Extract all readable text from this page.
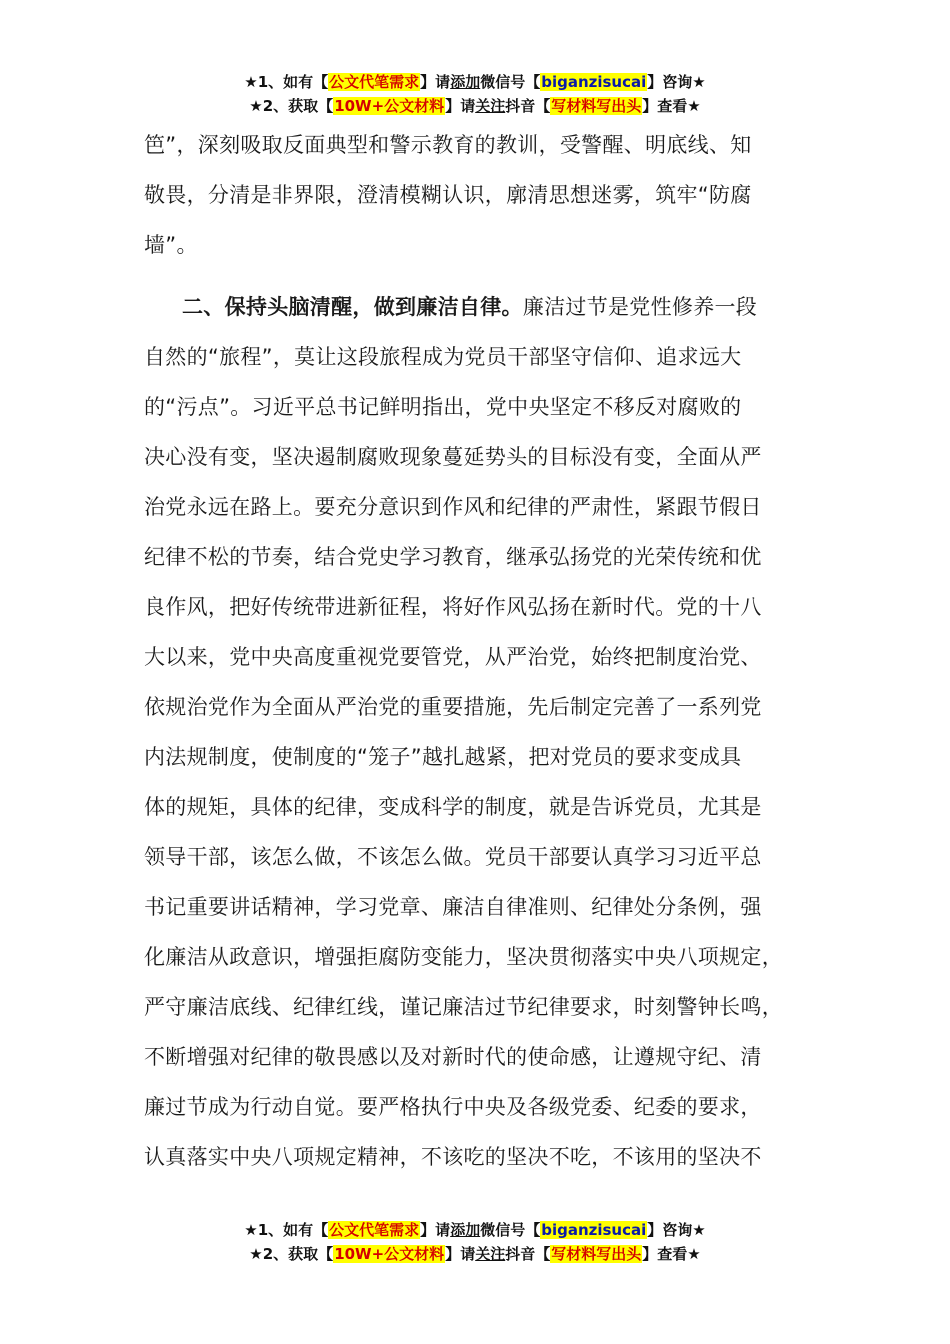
★1、如有【公文代笔需求】请添加微信号【biganzisucai】咨询★
★2、获取【10W+公文材料】请关注抖音【写材料写出头】查看★
笆”，深刻吸取反面典型和警示教育的教训，受警醒、明底线、知
敬畏，分清是非界限，澄清模糊认识，廓清思想迷雾，筑牢“防腐
墙”。
二、保持头脑清醒，做到廉洁自律。廉洁过节是党性修养一段
自然的“旅程”，莫让这段旅程成为党员干部坚守信仰、追求远大
的“污点”。习近平总书记鲜明指出，党中央坚定不移反对腐败的
决心没有变，坚决遏制腐败现象蔓延势头的目标没有变，全面从严
治党永远在路上。要充分意识到作风和纪律的严肃性，紧跟节假日
纪律不松的节奏，结合党史学习教育，继承弘扬党的光荣传统和优
良作风，把好传统带进新征程，将好作风弘扬在新时代。党的十八
大以来，党中央高度重视党要管党，从严治党，始终把制度治党、
依规治党作为全面从严治党的重要措施，先后制定完善了一系列党
内法规制度，使制度的“笼子”越扎越紧，把对党员的要求变成具
体的规矩，具体的纪律，变成科学的制度，就是告诉党员，尤其是
领导干部，该怎么做，不该怎么做。党员干部要认真学习习近平总
书记重要讲话精神，学习党章、廉洁自律准则、纪律处分条例，强
化廉洁从政意识，增强拒腐防变能力，坚决贯彻落实中央八项规定，
严守廉洁底线、纪律红线，谨记廉洁过节纪律要求，时刻警钟长鸣，
不断增强对纪律的敬畏感以及对新时代的使命感，让遵规守纪、清
廉过节成为行动自觉。要严格执行中央及各级党委、纪委的要求，
认真落实中央八项规定精神，不该吃的坚决不吃，不该用的坚决不
★1、如有【公文代笔需求】请添加微信号【biganzisucai】咨询★
★2、获取【10W+公文材料】请关注抖音【写材料写出头】查看★
